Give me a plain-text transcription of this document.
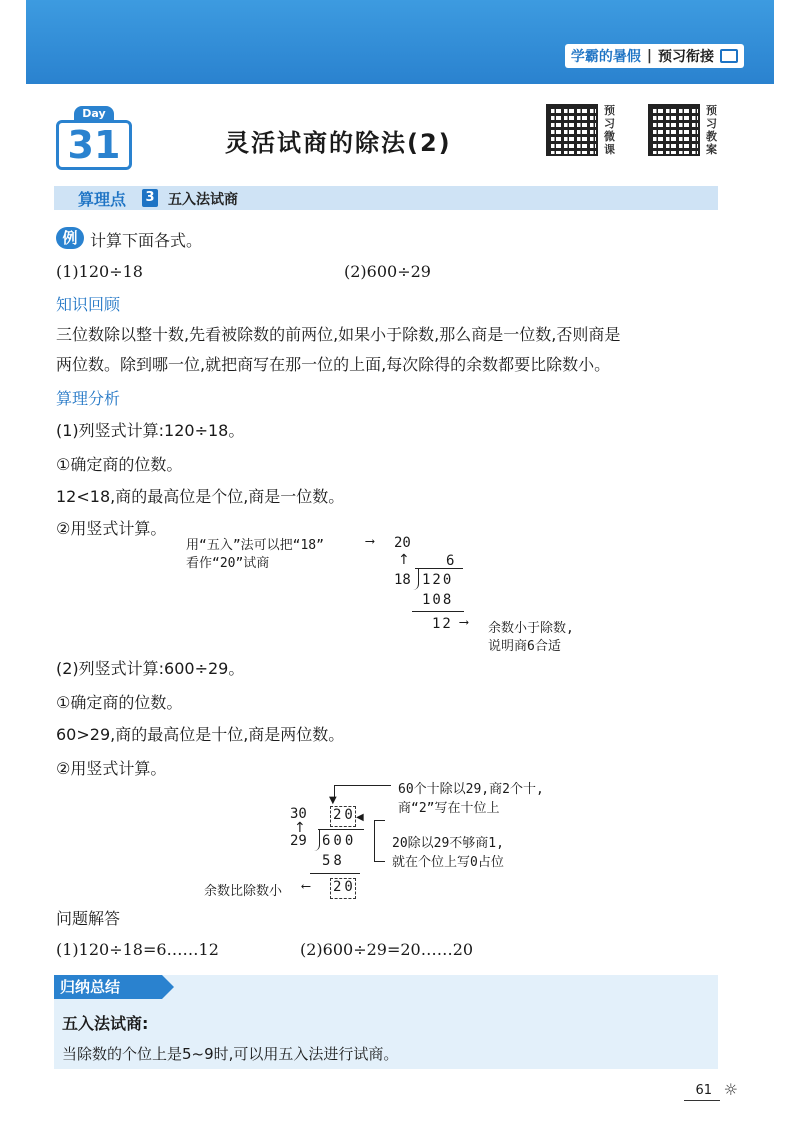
学霸的暑假 | 预习衔接
Day
31	灵活试商的除法(2)
预习微课
预习教案
算理点 3 五入法试商
例 计算下面各式。
(1)120÷18	(2)600÷29
知识回顾
三位数除以整十数,先看被除数的前两位,如果小于除数,那么商是一位数,否则商是
两位数。除到哪一位,就把商写在那一位的上面,每次除得的余数都要比除数小。
算理分析
(1)列竖式计算:120÷18。
①确定商的位数。
12<18,商的最高位是个位,商是一位数。
②用竖式计算。
用“五入”法可以把“18”
看作“20”试商
⟶ 20
↑	6
18 120
108
12 ⟶ 余数小于除数,
说明商6合适
(2)列竖式计算:600÷29。
①确定商的位数。
60>29,商的最高位是十位,商是两位数。
②用竖式计算。
60个十除以29,商2个十,
商“2”写在十位上
▼
30
↑
20
29 600
◀
20除以29不够商1,
就在个位上写0占位
58
20
余数比除数小 ⟵
问题解答
(1)120÷18=6……12	(2)600÷29=20……20
归纳总结
五入法试商:
当除数的个位上是5~9时,可以用五入法进行试商。
61 ☼
